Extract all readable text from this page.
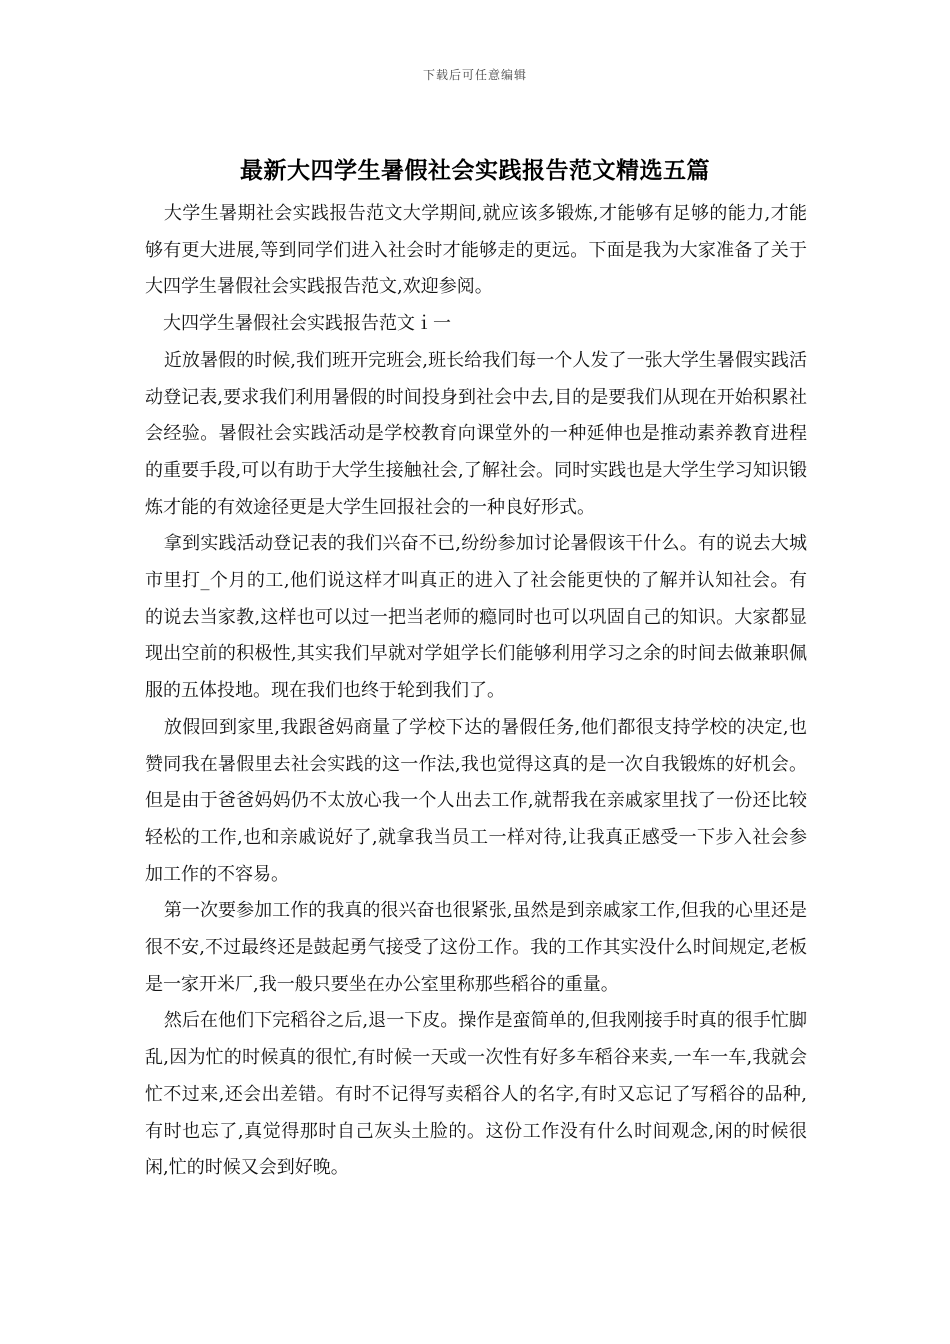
下载后可任意编辑
最新大四学生暑假社会实践报告范文精选五篇

大学生暑期社会实践报告范文大学期间,就应该多锻炼,才能够有足够的能力,才能够有更大进展,等到同学们进入社会时才能够走的更远。下面是我为大家准备了关于大四学生暑假社会实践报告范文,欢迎参阅。

大四学生暑假社会实践报告范文ｉ一

近放暑假的时候,我们班开完班会,班长给我们每一个人发了一张大学生暑假实践活动登记表,要求我们利用暑假的时间投身到社会中去,目的是要我们从现在开始积累社会经验。暑假社会实践活动是学校教育向课堂外的一种延伸也是推动素养教育进程的重要手段,可以有助于大学生接触社会,了解社会。同时实践也是大学生学习知识锻炼才能的有效途径更是大学生回报社会的一种良好形式。

拿到实践活动登记表的我们兴奋不已,纷纷参加讨论暑假该干什么。有的说去大城市里打_个月的工,他们说这样才叫真正的进入了社会能更快的了解并认知社会。有的说去当家教,这样也可以过一把当老师的瘾同时也可以巩固自己的知识。大家都显现出空前的积极性,其实我们早就对学姐学长们能够利用学习之余的时间去做兼职佩服的五体投地。现在我们也终于轮到我们了。

放假回到家里,我跟爸妈商量了学校下达的暑假任务,他们都很支持学校的决定,也赞同我在暑假里去社会实践的这一作法,我也觉得这真的是一次自我锻炼的好机会。但是由于爸爸妈妈仍不太放心我一个人出去工作,就帮我在亲戚家里找了一份还比较轻松的工作,也和亲戚说好了,就拿我当员工一样对待,让我真正感受一下步入社会参加工作的不容易。

第一次要参加工作的我真的很兴奋也很紧张,虽然是到亲戚家工作,但我的心里还是很不安,不过最终还是鼓起勇气接受了这份工作。我的工作其实没什么时间规定,老板是一家开米厂,我一般只要坐在办公室里称那些稻谷的重量。

然后在他们下完稻谷之后,退一下皮。操作是蛮简单的,但我刚接手时真的很手忙脚乱,因为忙的时候真的很忙,有时候一天或一次性有好多车稻谷来卖,一车一车,我就会忙不过来,还会出差错。有时不记得写卖稻谷人的名字,有时又忘记了写稻谷的品种,有时也忘了,真觉得那时自己灰头土脸的。这份工作没有什么时间观念,闲的时候很闲,忙的时候又会到好晚。
